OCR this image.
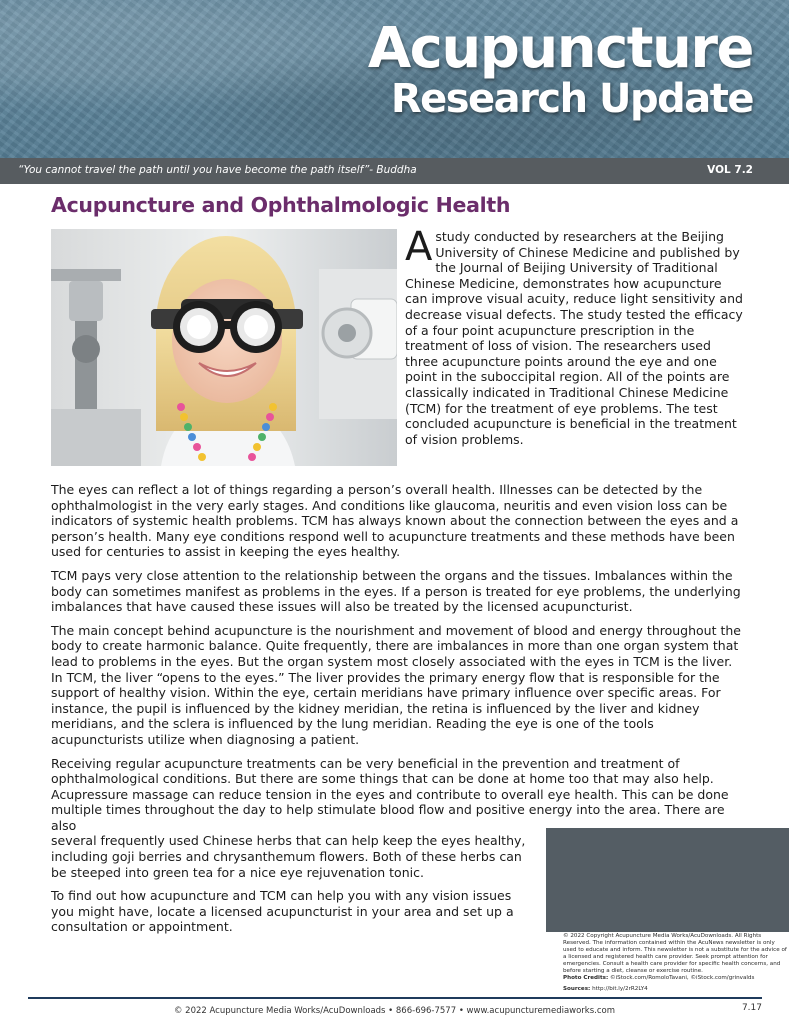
Acupuncture
Research Update
“You cannot travel the path until you have become the path itself”- Buddha	VOL 7.2
Acupuncture and Ophthalmologic Health
Astudy conducted by researchers at the Beijing University of Chinese Medicine and published by the Journal of Beijing University of Traditional Chinese Medicine, demonstrates how acupuncture can improve visual acuity, reduce light sensitivity and decrease visual defects. The study tested the efficacy of a four point acupuncture prescription in the treatment of loss of vision. The researchers used three acupuncture points around the eye and one point in the suboccipital region. All of the points are classically indicated in Traditional Chinese Medicine (TCM) for the treatment of eye problems. The test concluded acupuncture is beneficial in the treatment of vision problems.

The eyes can reflect a lot of things regarding a person’s overall health. Illnesses can be detected by the ophthalmologist in the very early stages. And conditions like glaucoma, neuritis and even vision loss can be indicators of systemic health problems. TCM has always known about the connection between the eyes and a person’s health. Many eye conditions respond well to acupuncture treatments and these methods have been used for centuries to assist in keeping the eyes healthy.

TCM pays very close attention to the relationship between the organs and the tissues. Imbalances within the body can sometimes manifest as problems in the eyes. If a person is treated for eye problems, the underlying imbalances that have caused these issues will also be treated by the licensed acupuncturist.

The main concept behind acupuncture is the nourishment and movement of blood and energy throughout the body to create harmonic balance. Quite frequently, there are imbalances in more than one organ system that lead to problems in the eyes. But the organ system most closely associated with the eyes in TCM is the liver. In TCM, the liver “opens to the eyes.” The liver provides the primary energy flow that is responsible for the support of healthy vision. Within the eye, certain meridians have primary influence over specific areas. For instance, the pupil is influenced by the kidney meridian, the retina is influenced by the liver and kidney meridians, and the sclera is influenced by the lung meridian. Reading the eye is one of the tools acupuncturists utilize when diagnosing a patient.

Receiving regular acupuncture treatments can be very beneficial in the prevention and treatment of ophthalmological conditions. But there are some things that can be done at home too that may also help. Acupressure massage can reduce tension in the eyes and contribute to overall eye health. This can be done multiple times throughout the day to help stimulate blood flow and positive energy into the area. There are also

several frequently used Chinese herbs that can help keep the eyes healthy, including goji berries and chrysanthemum flowers. Both of these herbs can be steeped into green tea for a nice eye rejuvenation tonic.

To find out how acupuncture and TCM can help you with any vision issues you might have, locate a licensed acupuncturist in your area and set up a consultation or appointment.

© 2022 Copyright Acupuncture Media Works/AcuDownloads. All Rights Reserved. The information contained within the AcuNews newsletter is only used to educate and inform. This newsletter is not a substitute for the advice of a licensed and registered health care provider. Seek prompt attention for emergencies. Consult a health care provider for specific health concerns, and before starting a diet, cleanse or exercise routine.
Photo Credits: ©iStock.com/RomoloTavani, ©iStock.com/grinvalds
Sources: http://bit.ly/2rR2LY4
© 2022 Acupuncture Media Works/AcuDownloads • 866-696-7577 • www.acupuncturemediaworks.com	7.17
